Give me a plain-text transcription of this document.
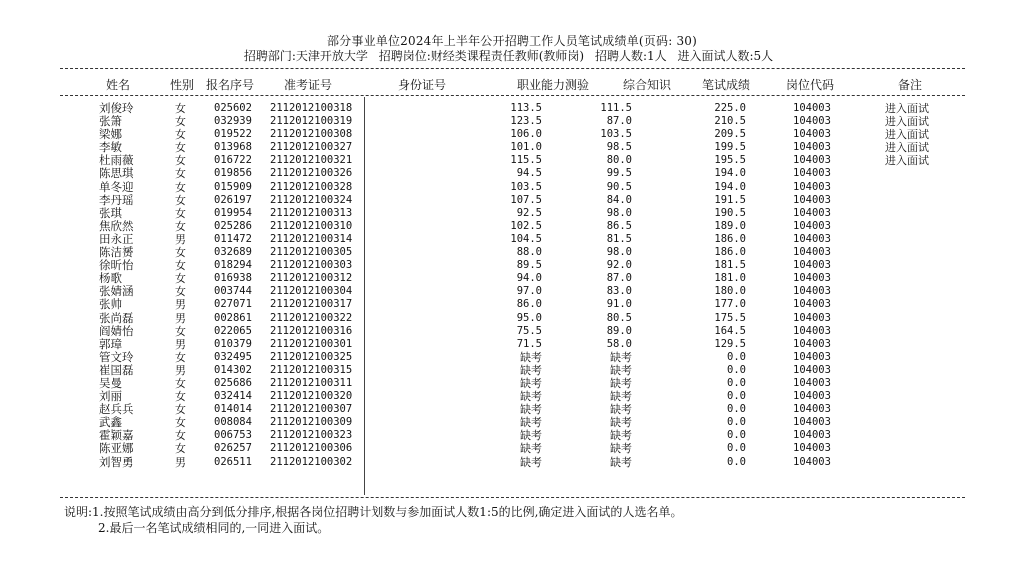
部分事业单位2024年上半年公开招聘工作人员笔试成绩单(页码: 30)
招聘部门:天津开放大学 招聘岗位:财经类课程责任教师(教师岗) 招聘人数:1人 进入面试人数:5人
姓名	性别 报名序号 准考证号	身份证号	职业能力测验	综合知识	笔试成绩	岗位代码	备注
刘俊玲	女	025602 2112012100318	113.5	111.5	225.0	104003	进入面试
张箫	女	032939 2112012100319	123.5	87.0	210.5	104003	进入面试
梁娜	女	019522 2112012100308	106.0	103.5	209.5	104003	进入面试
李敏	女	013968 2112012100327	101.0	98.5	199.5	104003	进入面试
杜雨薇	女	016722 2112012100321	115.5	80.0	195.5	104003	进入面试
陈思琪	女	019856 2112012100326	94.5	99.5	194.0	104003
单冬迎	女	015909 2112012100328	103.5	90.5	194.0	104003
李丹瑶	女	026197 2112012100324	107.5	84.0	191.5	104003
张琪	女	019954 2112012100313	92.5	98.0	190.5	104003
焦欣然	女	025286 2112012100310	102.5	86.5	189.0	104003
田永正	男	011472 2112012100314	104.5	81.5	186.0	104003
陈洁赟	女	032689 2112012100305	88.0	98.0	186.0	104003
徐昕怡	女	018294 2112012100303	89.5	92.0	181.5	104003
杨歌	女	016938 2112012100312	94.0	87.0	181.0	104003
张婧涵	女	003744 2112012100304	97.0	83.0	180.0	104003
张帅	男	027071 2112012100317	86.0	91.0	177.0	104003
张尚磊	男	002861 2112012100322	95.0	80.5	175.5	104003
阎婧怡	女	022065 2112012100316	75.5	89.0	164.5	104003
郭璋	男	010379 2112012100301	71.5	58.0	129.5	104003
管文玲	女	032495 2112012100325	缺考	缺考	0.0	104003
崔国磊	男	014302 2112012100315	缺考	缺考	0.0	104003
吴曼	女	025686 2112012100311	缺考	缺考	0.0	104003
刘丽	女	032414 2112012100320	缺考	缺考	0.0	104003
赵兵兵	女	014014 2112012100307	缺考	缺考	0.0	104003
武鑫	女	008084 2112012100309	缺考	缺考	0.0	104003
霍颖嘉	女	006753 2112012100323	缺考	缺考	0.0	104003
陈亚娜	女	026257 2112012100306	缺考	缺考	0.0	104003
刘智勇	男	026511 2112012100302	缺考	缺考	0.0	104003
说明:1.按照笔试成绩由高分到低分排序,根据各岗位招聘计划数与参加面试人数1:5的比例,确定进入面试的人选名单。
2.最后一名笔试成绩相同的,一同进入面试。
